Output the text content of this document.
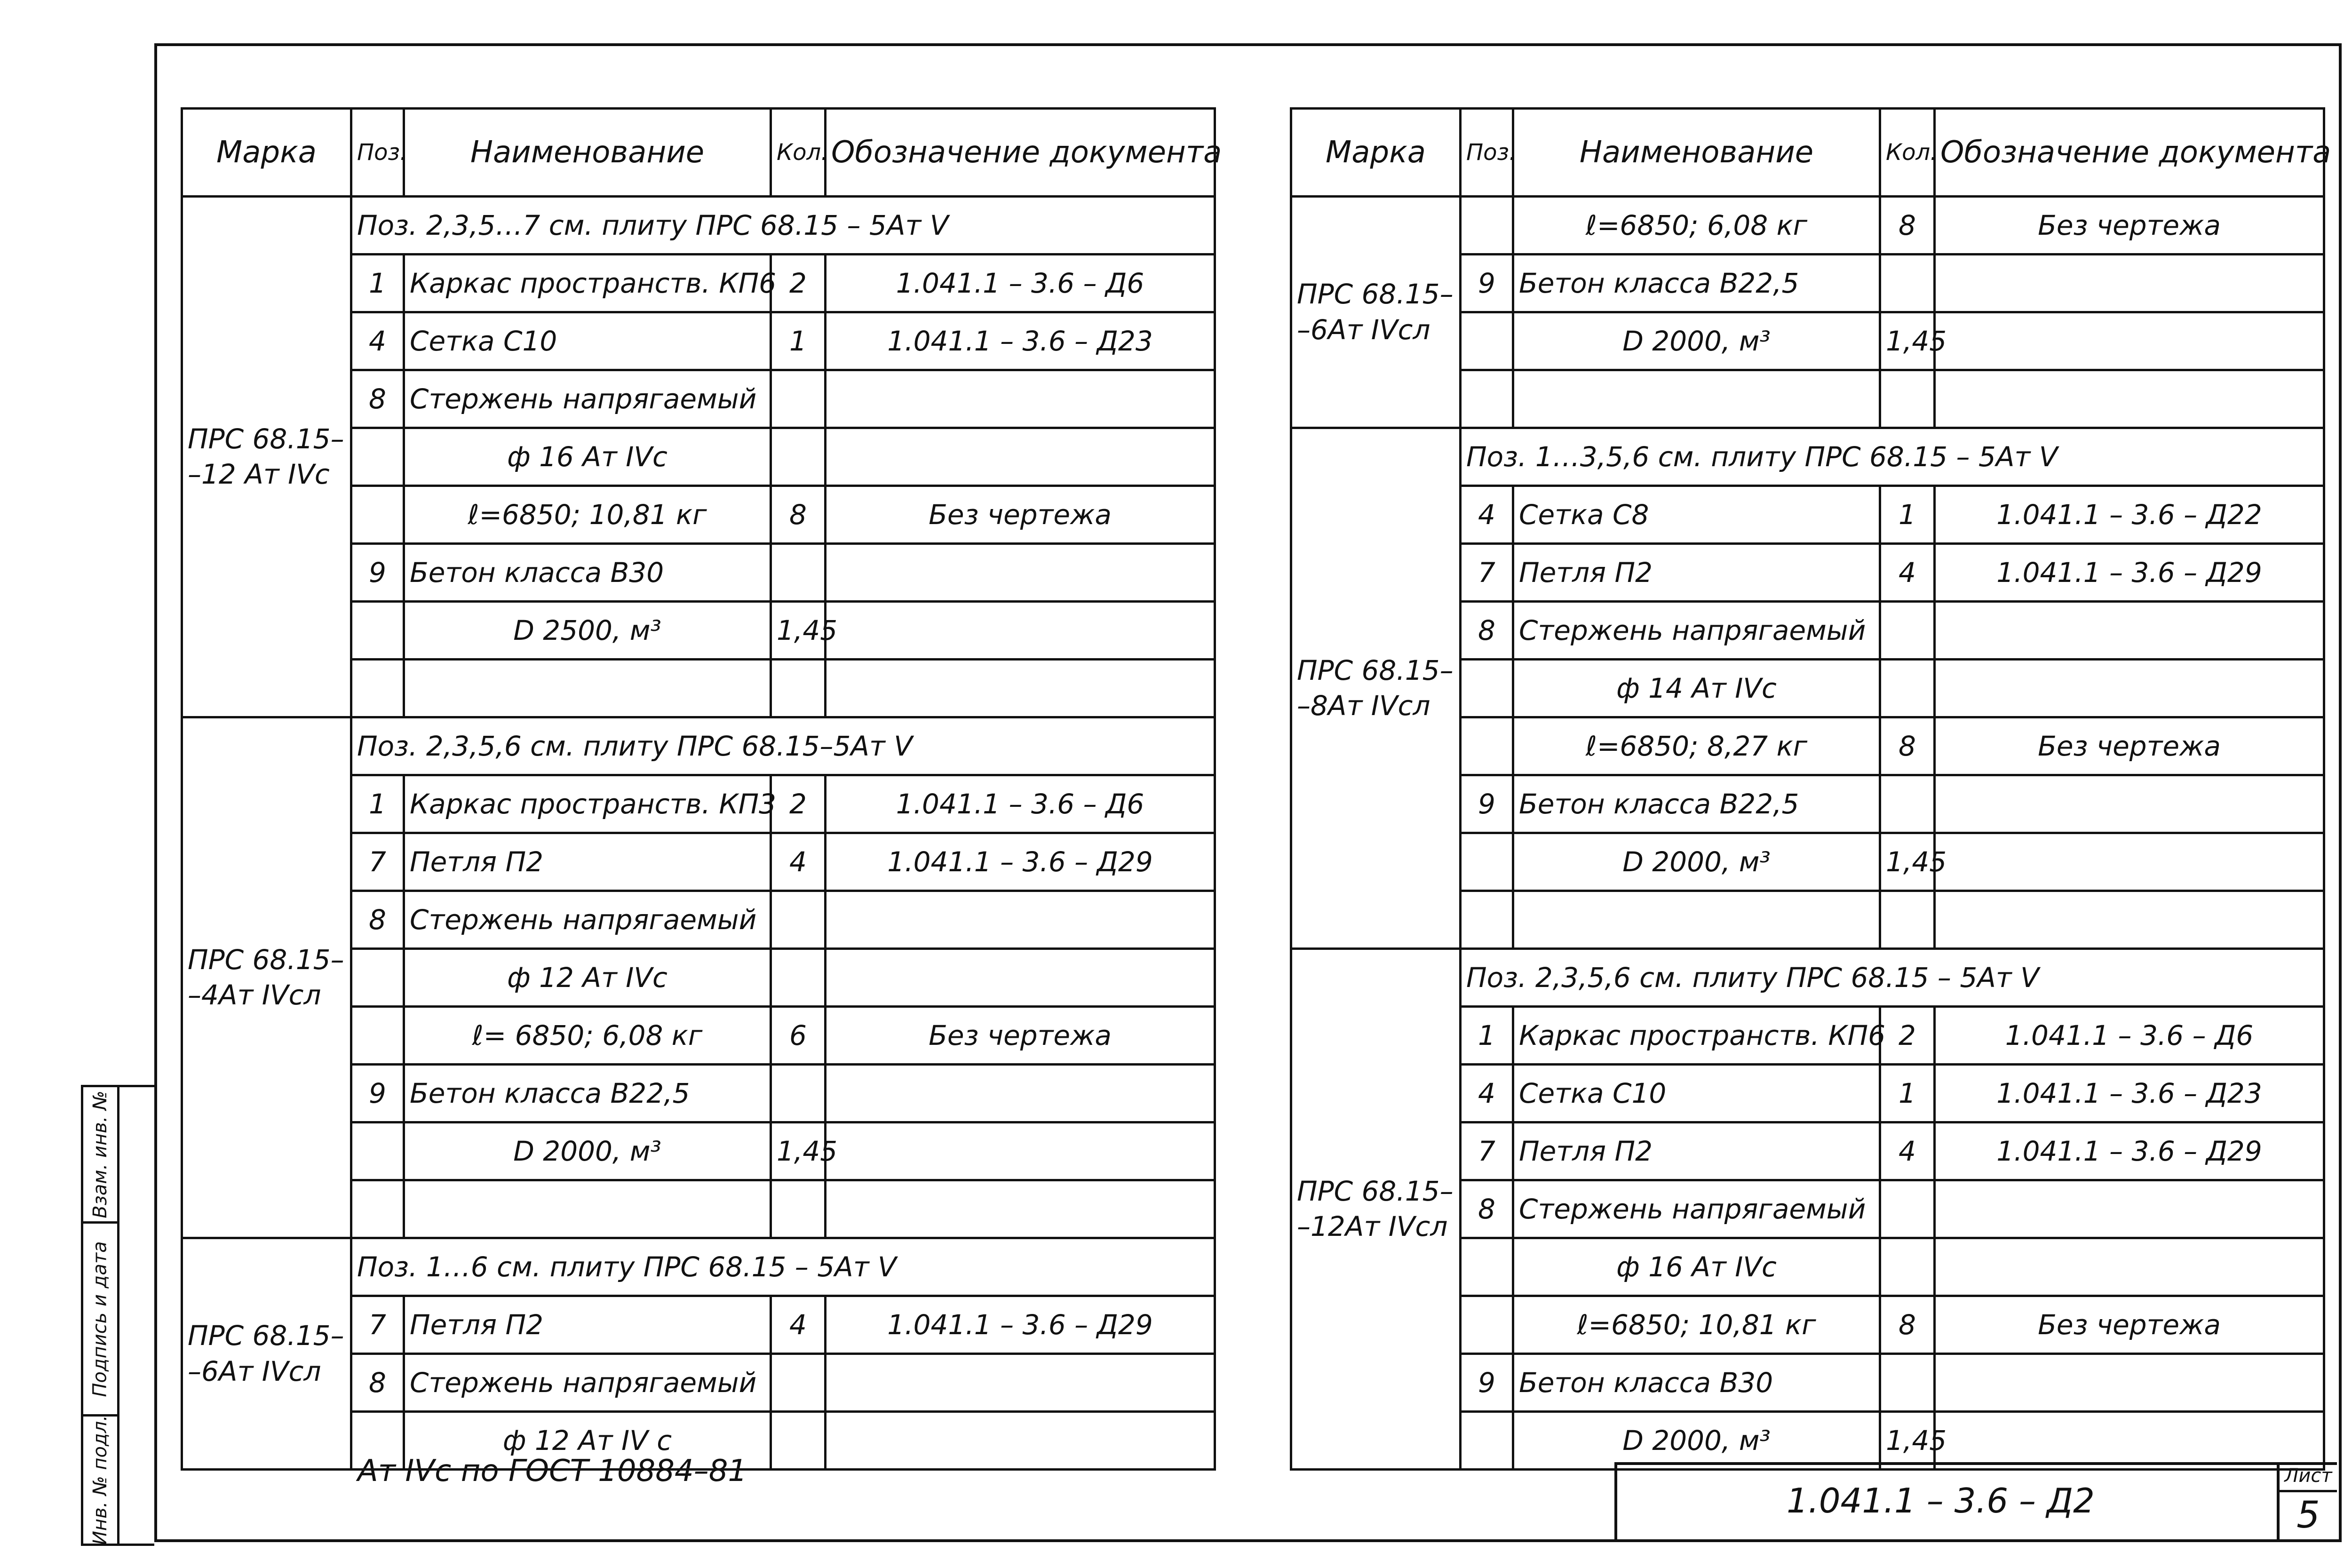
Взам. инв. №
Подпись и дата
Инв. № подл.
Марка	Поз.	Наименование	Кол.	Обозначение документа
ПРС 68.15–
–12 Ат IVс	Поз. 2,3,5…7 см. плиту ПРС 68.15 – 5Ат V			
	1	Каркас пространств. КП6	2	1.041.1 – 3.6 – Д6
	4	Сетка С10	1	1.041.1 – 3.6 – Д23
	8	Стержень напрягаемый		
		ф 16 Ат IVс		
		ℓ=6850; 10,81 кг	8	Без чертежа
	9	Бетон класса В30		
		D 2500, м³	1,45	

ПРС 68.15–
–4Ат IVсл	Поз. 2,3,5,6 см. плиту ПРС 68.15–5Ат V			
	1	Каркас пространств. КП3	2	1.041.1 – 3.6 – Д6
	7	Петля П2	4	1.041.1 – 3.6 – Д29
	8	Стержень напрягаемый		
		ф 12 Ат IVс		
		ℓ= 6850; 6,08 кг	6	Без чертежа
	9	Бетон класса В22,5		
		D 2000, м³	1,45	

ПРС 68.15–
–6Ат IVсл	Поз. 1…6 см. плиту ПРС 68.15 – 5Ат V			
	7	Петля П2	4	1.041.1 – 3.6 – Д29
	8	Стержень напрягаемый		
		ф 12 Ат IV с		
Марка	Поз.	Наименование	Кол.	Обозначение документа
ПРС 68.15–
–6Ат IVсл		ℓ=6850; 6,08 кг	8	Без чертежа
	9	Бетон класса В22,5		
		D 2000, м³	1,45	

ПРС 68.15–
–8Ат IVсл	Поз. 1…3,5,6 см. плиту ПРС 68.15 – 5Ат V			
	4	Сетка С8	1	1.041.1 – 3.6 – Д22
	7	Петля П2	4	1.041.1 – 3.6 – Д29
	8	Стержень напрягаемый		
		ф 14 Ат IVс		
		ℓ=6850; 8,27 кг	8	Без чертежа
	9	Бетон класса В22,5		
		D 2000, м³	1,45	

ПРС 68.15–
–12Ат IVсл	Поз. 2,3,5,6 см. плиту ПРС 68.15 – 5Ат V			
	1	Каркас пространств. КП6	2	1.041.1 – 3.6 – Д6
	4	Сетка С10	1	1.041.1 – 3.6 – Д23
	7	Петля П2	4	1.041.1 – 3.6 – Д29
	8	Стержень напрягаемый		
		ф 16 Ат IVс		
		ℓ=6850; 10,81 кг	8	Без чертежа
	9	Бетон класса В30		
		D 2000, м³	1,45	
Ат IVс по ГОСТ 10884–81
1.041.1 – 3.6 – Д2
Лист
5
